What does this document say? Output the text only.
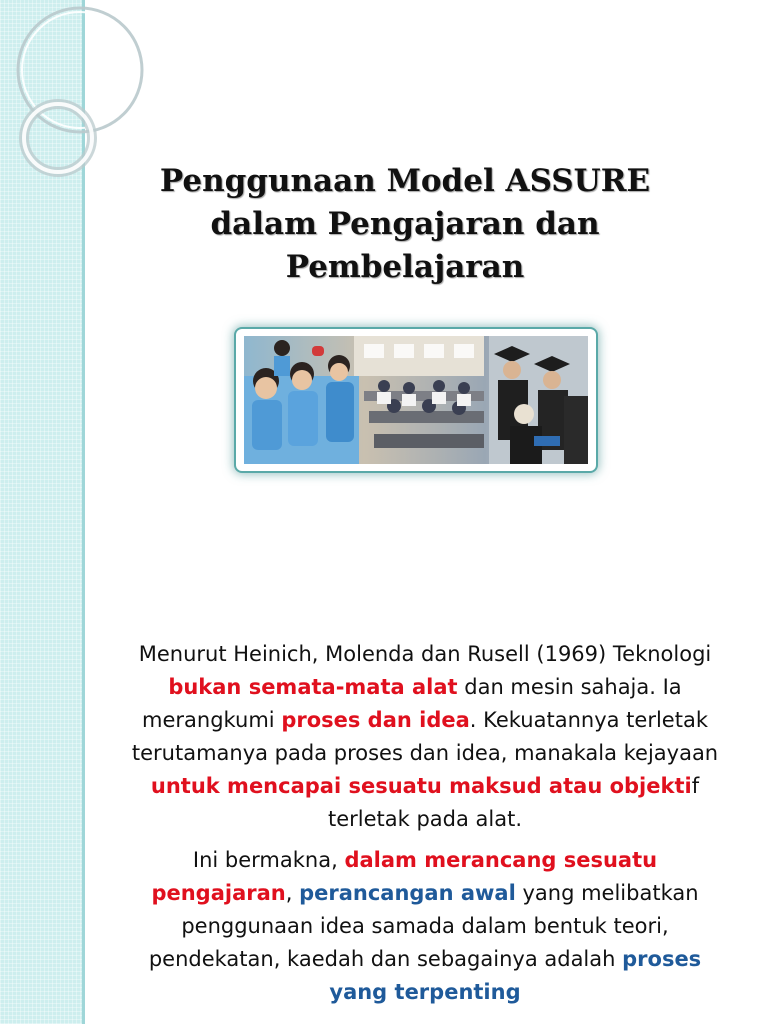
Penggunaan Model ASSURE
dalam Pengajaran dan
Pembelajaran

Menurut Heinich, Molenda dan Rusell (1969) Teknologi bukan semata-mata alat dan mesin sahaja. Ia merangkumi proses dan idea. Kekuatannya terletak terutamanya pada proses dan idea, manakala kejayaan untuk mencapai sesuatu maksud atau objektif terletak pada alat.

Ini bermakna, dalam merancang sesuatu pengajaran, perancangan awal yang melibatkan penggunaan idea samada dalam bentuk teori, pendekatan, kaedah dan sebagainya adalah proses yang terpenting
